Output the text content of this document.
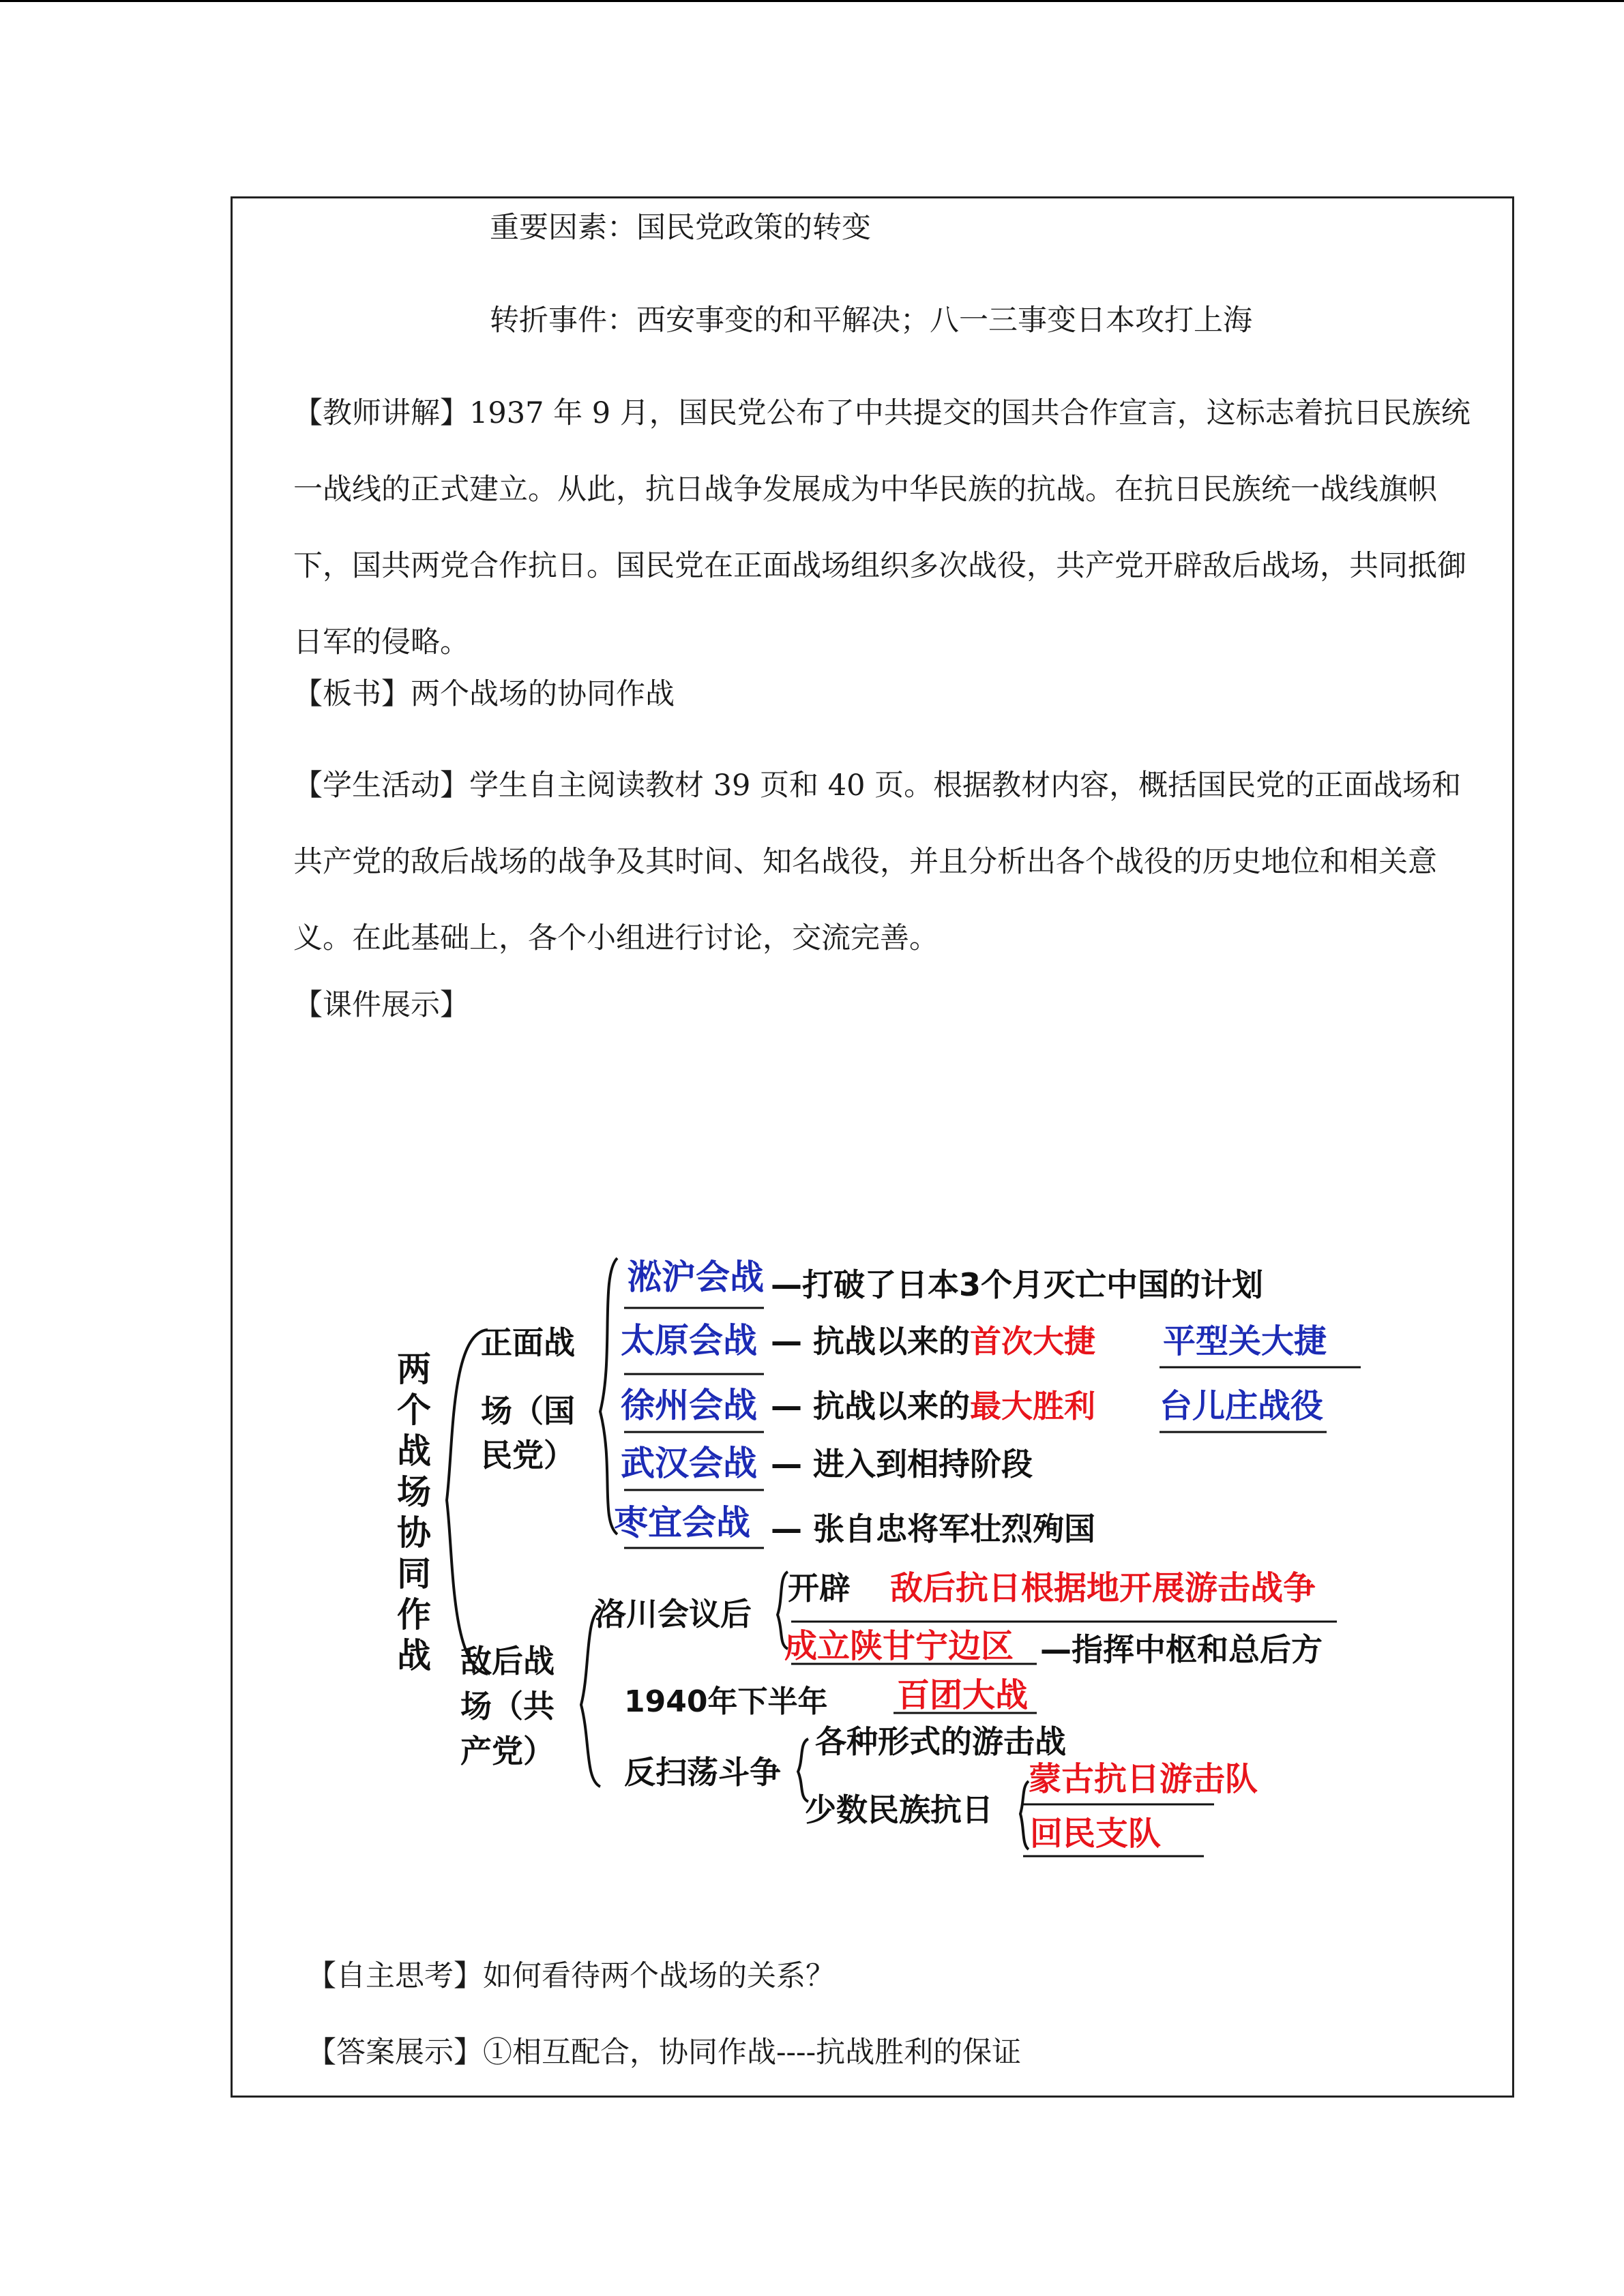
重要因素：国民党政策的转变
转折事件：西安事变的和平解决；八一三事变日本攻打上海
【教师讲解】1937 年 9 月，国民党公布了中共提交的国共合作宣言，这标志着抗日民族统一战线的正式建立。从此，抗日战争发展成为中华民族的抗战。在抗日民族统一战线旗帜下，国共两党合作抗日。国民党在正面战场组织多次战役，共产党开辟敌后战场，共同抵御日军的侵略。
【板书】两个战场的协同作战
【学生活动】学生自主阅读教材 39 页和 40 页。根据教材内容，概括国民党的正面战场和共产党的敌后战场的战争及其时间、知名战役，并且分析出各个战役的历史地位和相关意义。在此基础上，各个小组进行讨论，交流完善。
【课件展示】
两 个 战 场 协 同 作 战
正面战 场（国 民党）
淞沪会战 —打破了日本3个月灭亡中国的计划
太原会战 — 抗战以来的首次大捷 平型关大捷
徐州会战 — 抗战以来的最大胜利 台儿庄战役
武汉会战 — 进入到相持阶段
枣宜会战 — 张自忠将军壮烈殉国
敌后战 场（共 产党）
洛川会议后
开辟 敌后抗日根据地开展游击战争
成立陕甘宁边区 —指挥中枢和总后方
1940年下半年 百团大战
各种形式的游击战
反扫荡斗争
少数民族抗日
蒙古抗日游击队
回民支队
【自主思考】如何看待两个战场的关系？
【答案展示】①相互配合，协同作战----抗战胜利的保证
